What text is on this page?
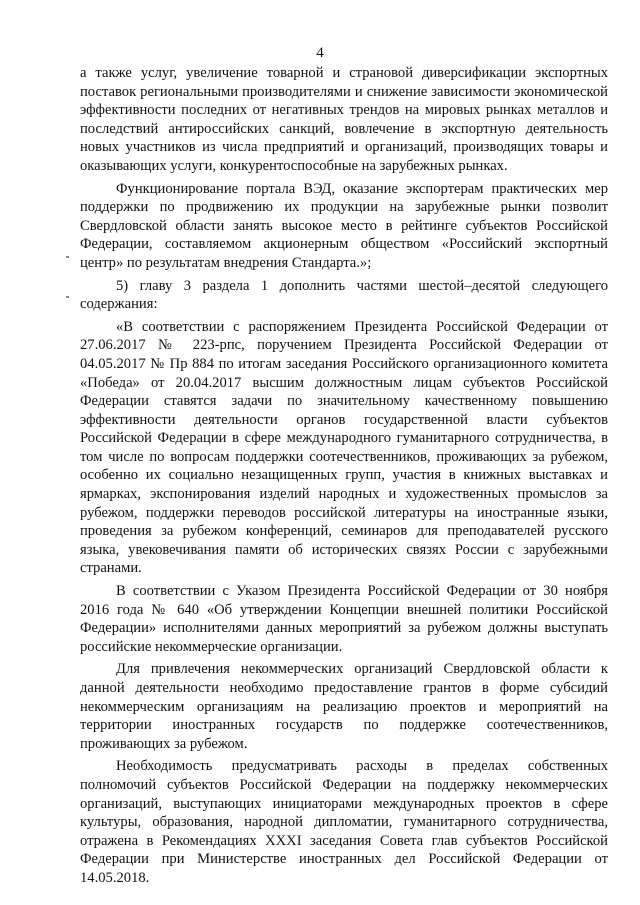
4

а также услуг, увеличение товарной и страновой диверсификации экспортных поставок региональными производителями и снижение зависимости экономической эффективности последних от негативных трендов на мировых рынках металлов и последствий антироссийских санкций, вовлечение в экспортную деятельность новых участников из числа предприятий и организаций, производящих товары и оказывающих услуги, конкурентоспособные на зарубежных рынках.

Функционирование портала ВЭД, оказание экспортерам практических мер поддержки по продвижению их продукции на зарубежные рынки позволит Свердловской области занять высокое место в рейтинге субъектов Российской Федерации, составляемом акционерным обществом «Российский экспортный центр» по результатам внедрения Стандарта.»;

5) главу 3 раздела 1 дополнить частями шестой–десятой следующего содержания:

«В соответствии с распоряжением Президента Российской Федерации от 27.06.2017 № 223-рпс, поручением Президента Российской Федерации от 04.05.2017 № Пр 884 по итогам заседания Российского организационного комитета «Победа» от 20.04.2017 высшим должностным лицам субъектов Российской Федерации ставятся задачи по значительному качественному повышению эффективности деятельности органов государственной власти субъектов Российской Федерации в сфере международного гуманитарного сотрудничества, в том числе по вопросам поддержки соотечественников, проживающих за рубежом, особенно их социально незащищенных групп, участия в книжных выставках и ярмарках, экспонирования изделий народных и художественных промыслов за рубежом, поддержки переводов российской литературы на иностранные языки, проведения за рубежом конференций, семинаров для преподавателей русского языка, увековечивания памяти об исторических связях России с зарубежными странами.

В соответствии с Указом Президента Российской Федерации от 30 ноября 2016 года № 640 «Об утверждении Концепции внешней политики Российской Федерации» исполнителями данных мероприятий за рубежом должны выступать российские некоммерческие организации.

Для привлечения некоммерческих организаций Свердловской области к данной деятельности необходимо предоставление грантов в форме субсидий некоммерческим организациям на реализацию проектов и мероприятий на территории иностранных государств по поддержке соотечественников, проживающих за рубежом.

Необходимость предусматривать расходы в пределах собственных полномочий субъектов Российской Федерации на поддержку некоммерческих организаций, выступающих инициаторами международных проектов в сфере культуры, образования, народной дипломатии, гуманитарного сотрудничества, отражена в Рекомендациях XXXI заседания Совета глав субъектов Российской Федерации при Министерстве иностранных дел Российской Федерации от 14.05.2018.
